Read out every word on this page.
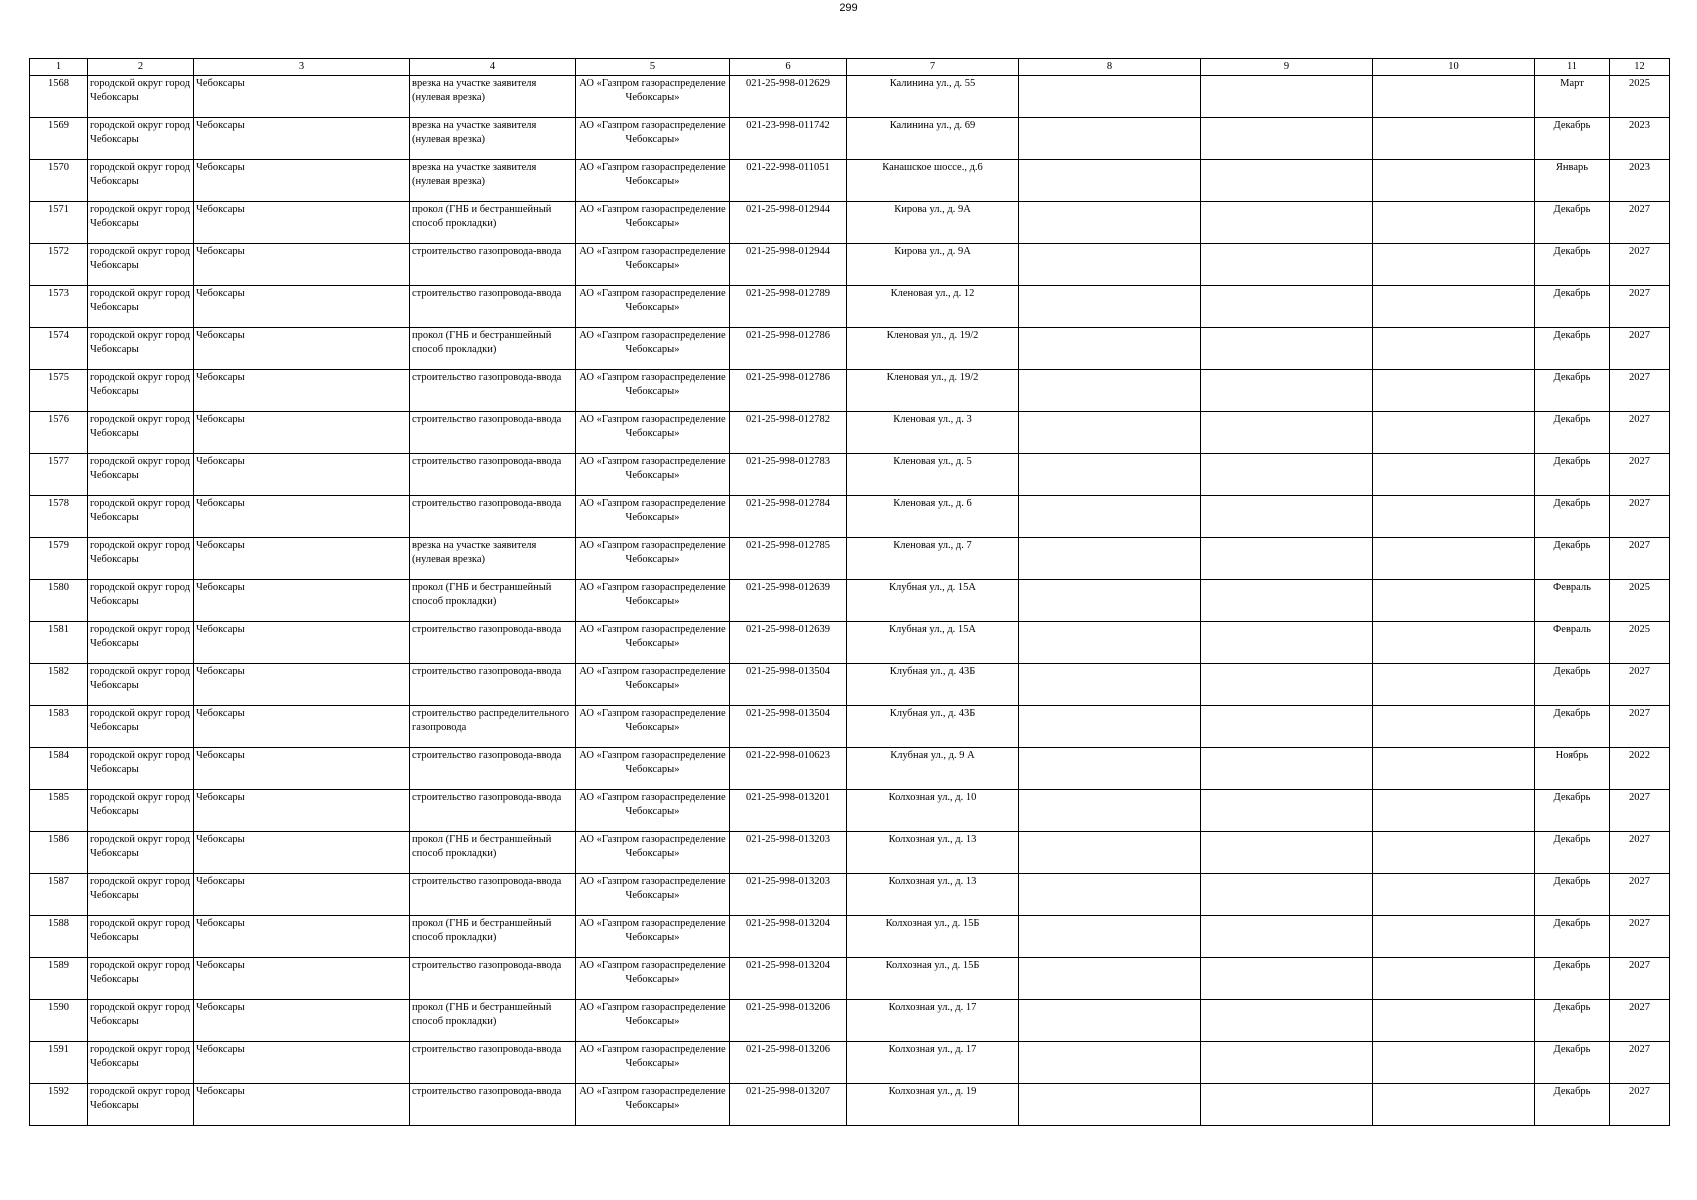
299
1	2	3	4	5	6	7	8	9	10	11	12
1568	городской округ город Чебоксары	Чебоксары	врезка на участке заявителя (нулевая врезка)	АО «Газпром газораспределение Чебоксары»	021-25-998-012629	Калинина ул., д. 55				Март	2025
1569	городской округ город Чебоксары	Чебоксары	врезка на участке заявителя (нулевая врезка)	АО «Газпром газораспределение Чебоксары»	021-23-998-011742	Калинина ул., д. 69				Декабрь	2023
1570	городской округ город Чебоксары	Чебоксары	врезка на участке заявителя (нулевая врезка)	АО «Газпром газораспределение Чебоксары»	021-22-998-011051	Канашское шоссе., д.6				Январь	2023
1571	городской округ город Чебоксары	Чебоксары	прокол (ГНБ и бестраншейный способ прокладки)	АО «Газпром газораспределение Чебоксары»	021-25-998-012944	Кирова ул., д. 9А				Декабрь	2027
1572	городской округ город Чебоксары	Чебоксары	строительство газопровода-ввода	АО «Газпром газораспределение Чебоксары»	021-25-998-012944	Кирова ул., д. 9А				Декабрь	2027
1573	городской округ город Чебоксары	Чебоксары	строительство газопровода-ввода	АО «Газпром газораспределение Чебоксары»	021-25-998-012789	Кленовая ул., д. 12				Декабрь	2027
1574	городской округ город Чебоксары	Чебоксары	прокол (ГНБ и бестраншейный способ прокладки)	АО «Газпром газораспределение Чебоксары»	021-25-998-012786	Кленовая ул., д. 19/2				Декабрь	2027
1575	городской округ город Чебоксары	Чебоксары	строительство газопровода-ввода	АО «Газпром газораспределение Чебоксары»	021-25-998-012786	Кленовая ул., д. 19/2				Декабрь	2027
1576	городской округ город Чебоксары	Чебоксары	строительство газопровода-ввода	АО «Газпром газораспределение Чебоксары»	021-25-998-012782	Кленовая ул., д. 3				Декабрь	2027
1577	городской округ город Чебоксары	Чебоксары	строительство газопровода-ввода	АО «Газпром газораспределение Чебоксары»	021-25-998-012783	Кленовая ул., д. 5				Декабрь	2027
1578	городской округ город Чебоксары	Чебоксары	строительство газопровода-ввода	АО «Газпром газораспределение Чебоксары»	021-25-998-012784	Кленовая ул., д. 6				Декабрь	2027
1579	городской округ город Чебоксары	Чебоксары	врезка на участке заявителя (нулевая врезка)	АО «Газпром газораспределение Чебоксары»	021-25-998-012785	Кленовая ул., д. 7				Декабрь	2027
1580	городской округ город Чебоксары	Чебоксары	прокол (ГНБ и бестраншейный способ прокладки)	АО «Газпром газораспределение Чебоксары»	021-25-998-012639	Клубная ул., д. 15А				Февраль	2025
1581	городской округ город Чебоксары	Чебоксары	строительство газопровода-ввода	АО «Газпром газораспределение Чебоксары»	021-25-998-012639	Клубная ул., д. 15А				Февраль	2025
1582	городской округ город Чебоксары	Чебоксары	строительство газопровода-ввода	АО «Газпром газораспределение Чебоксары»	021-25-998-013504	Клубная ул., д. 43Б				Декабрь	2027
1583	городской округ город Чебоксары	Чебоксары	строительство распределительного газопровода	АО «Газпром газораспределение Чебоксары»	021-25-998-013504	Клубная ул., д. 43Б				Декабрь	2027
1584	городской округ город Чебоксары	Чебоксары	строительство газопровода-ввода	АО «Газпром газораспределение Чебоксары»	021-22-998-010623	Клубная ул., д. 9 А				Ноябрь	2022
1585	городской округ город Чебоксары	Чебоксары	строительство газопровода-ввода	АО «Газпром газораспределение Чебоксары»	021-25-998-013201	Колхозная ул., д. 10				Декабрь	2027
1586	городской округ город Чебоксары	Чебоксары	прокол (ГНБ и бестраншейный способ прокладки)	АО «Газпром газораспределение Чебоксары»	021-25-998-013203	Колхозная ул., д. 13				Декабрь	2027
1587	городской округ город Чебоксары	Чебоксары	строительство газопровода-ввода	АО «Газпром газораспределение Чебоксары»	021-25-998-013203	Колхозная ул., д. 13				Декабрь	2027
1588	городской округ город Чебоксары	Чебоксары	прокол (ГНБ и бестраншейный способ прокладки)	АО «Газпром газораспределение Чебоксары»	021-25-998-013204	Колхозная ул., д. 15Б				Декабрь	2027
1589	городской округ город Чебоксары	Чебоксары	строительство газопровода-ввода	АО «Газпром газораспределение Чебоксары»	021-25-998-013204	Колхозная ул., д. 15Б				Декабрь	2027
1590	городской округ город Чебоксары	Чебоксары	прокол (ГНБ и бестраншейный способ прокладки)	АО «Газпром газораспределение Чебоксары»	021-25-998-013206	Колхозная ул., д. 17				Декабрь	2027
1591	городской округ город Чебоксары	Чебоксары	строительство газопровода-ввода	АО «Газпром газораспределение Чебоксары»	021-25-998-013206	Колхозная ул., д. 17				Декабрь	2027
1592	городской округ город Чебоксары	Чебоксары	строительство газопровода-ввода	АО «Газпром газораспределение Чебоксары»	021-25-998-013207	Колхозная ул., д. 19				Декабрь	2027
